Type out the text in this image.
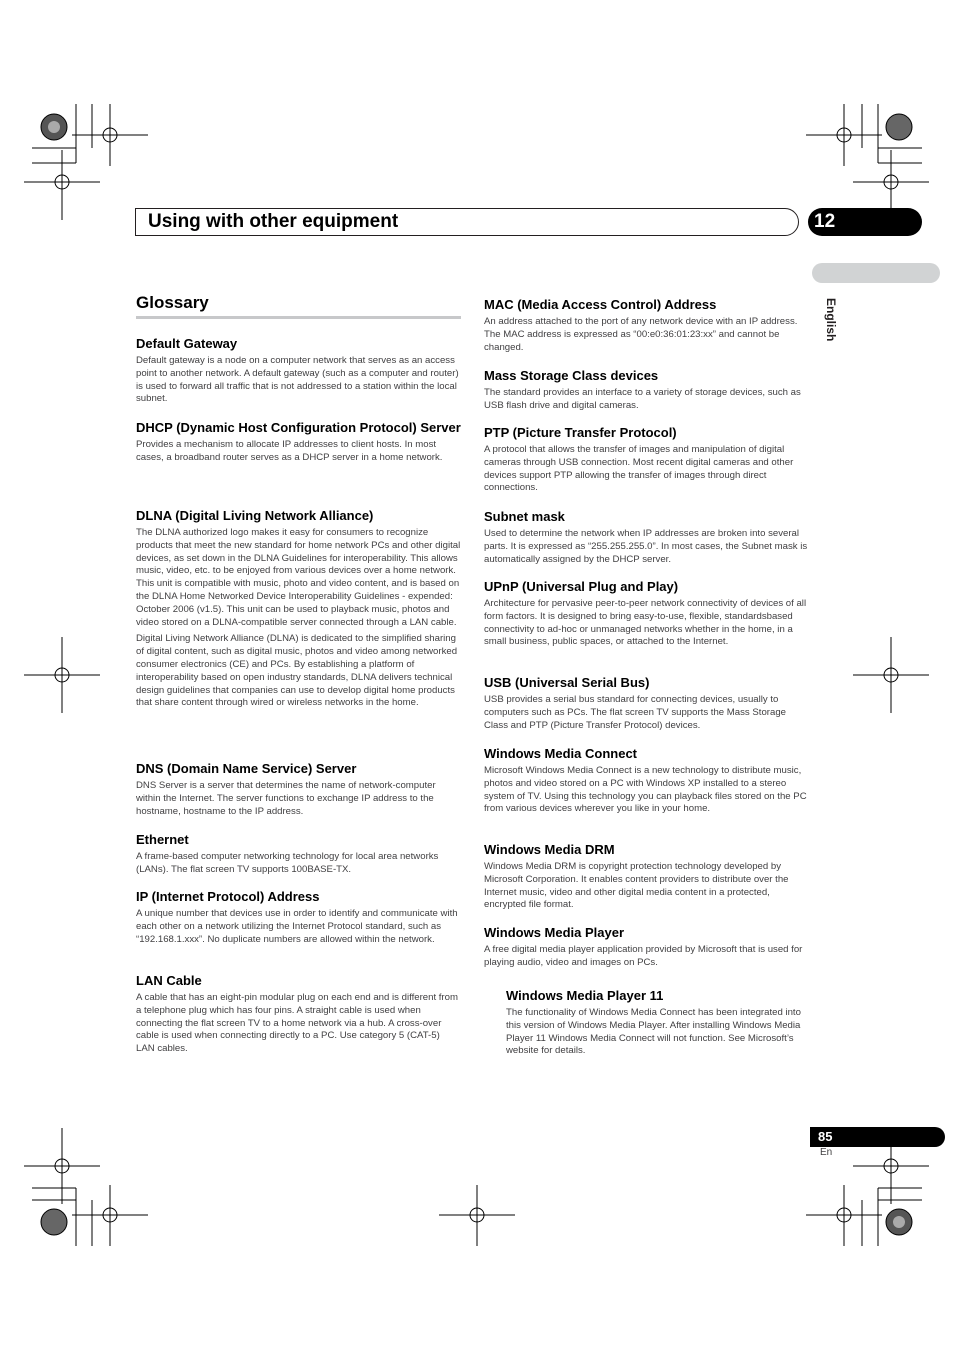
Using with other equipment	12
English
Glossary
Default Gateway

Default gateway is a node on a computer network that serves as an access point to another network. A default gateway (such as a computer and router) is used to forward all traffic that is not addressed to a station within the local subnet.

DHCP (Dynamic Host Configuration Protocol) Server

Provides a mechanism to allocate IP addresses to client hosts. In most cases, a broadband router serves as a DHCP server in a home network.

DLNA (Digital Living Network Alliance)

The DLNA authorized logo makes it easy for consumers to recognize products that meet the new standard for home network PCs and other digital devices, as set down in the DLNA Guidelines for interoperability. This allows music, video, etc. to be enjoyed from various devices over a home network. This unit is compatible with music, photo and video content, and is based on the DLNA Home Networked Device Interoperability Guidelines - expended: October 2006 (v1.5). This unit can be used to playback music, photos and video stored on a DLNA-compatible server connected through a LAN cable.

Digital Living Network Alliance (DLNA) is dedicated to the simplified sharing of digital content, such as digital music, photos and video among networked consumer electronics (CE) and PCs. By establishing a platform of interoperability based on open industry standards, DLNA delivers technical design guidelines that companies can use to develop digital home products that share content through wired or wireless networks in the home.

DNS (Domain Name Service) Server

DNS Server is a server that determines the name of network-computer within the Internet. The server functions to exchange IP address to the hostname, hostname to the IP address.

Ethernet

A frame-based computer networking technology for local area networks (LANs). The flat screen TV supports 100BASE-TX.

IP (Internet Protocol) Address

A unique number that devices use in order to identify and communicate with each other on a network utilizing the Internet Protocol standard, such as “192.168.1.xxx”. No duplicate numbers are allowed within the network.

LAN Cable

A cable that has an eight-pin modular plug on each end and is different from a telephone plug which has four pins. A straight cable is used when connecting the flat screen TV to a home network via a hub. A cross-over cable is used when connecting directly to a PC. Use category 5 (CAT-5) LAN cables.

MAC (Media Access Control) Address

An address attached to the port of any network device with an IP address. The MAC address is expressed as “00:e0:36:01:23:xx” and cannot be changed.

Mass Storage Class devices

The standard provides an interface to a variety of storage devices, such as USB flash drive and digital cameras.

PTP (Picture Transfer Protocol)

A protocol that allows the transfer of images and manipulation of digital cameras through USB connection. Most recent digital cameras and other devices support PTP allowing the transfer of images through direct connections.

Subnet mask

Used to determine the network when IP addresses are broken into several parts. It is expressed as “255.255.255.0”. In most cases, the Subnet mask is automatically assigned by the DHCP server.

UPnP (Universal Plug and Play)

Architecture for pervasive peer-to-peer network connectivity of devices of all form factors. It is designed to bring easy-to-use, flexible, standardsbased connectivity to ad-hoc or unmanaged networks whether in the home, in a small business, public spaces, or attached to the Internet.

USB (Universal Serial Bus)

USB provides a serial bus standard for connecting devices, usually to computers such as PCs. The flat screen TV supports the Mass Storage Class and PTP (Picture Transfer Protocol) devices.

Windows Media Connect

Microsoft Windows Media Connect is a new technology to distribute music, photos and video stored on a PC with Windows XP installed to a stereo system of TV. Using this technology you can playback files stored on the PC from various devices wherever you like in your home.

Windows Media DRM

Windows Media DRM is copyright protection technology developed by Microsoft Corporation. It enables content providers to distribute over the Internet music, video and other digital media content in a protected, encrypted file format.

Windows Media Player

A free digital media player application provided by Microsoft that is used for playing audio, video and images on PCs.

Windows Media Player 11

The functionality of Windows Media Connect has been integrated into this version of Windows Media Player. After installing Windows Media Player 11 Windows Media Connect will not function. See Microsoft’s website for details.

85
En
